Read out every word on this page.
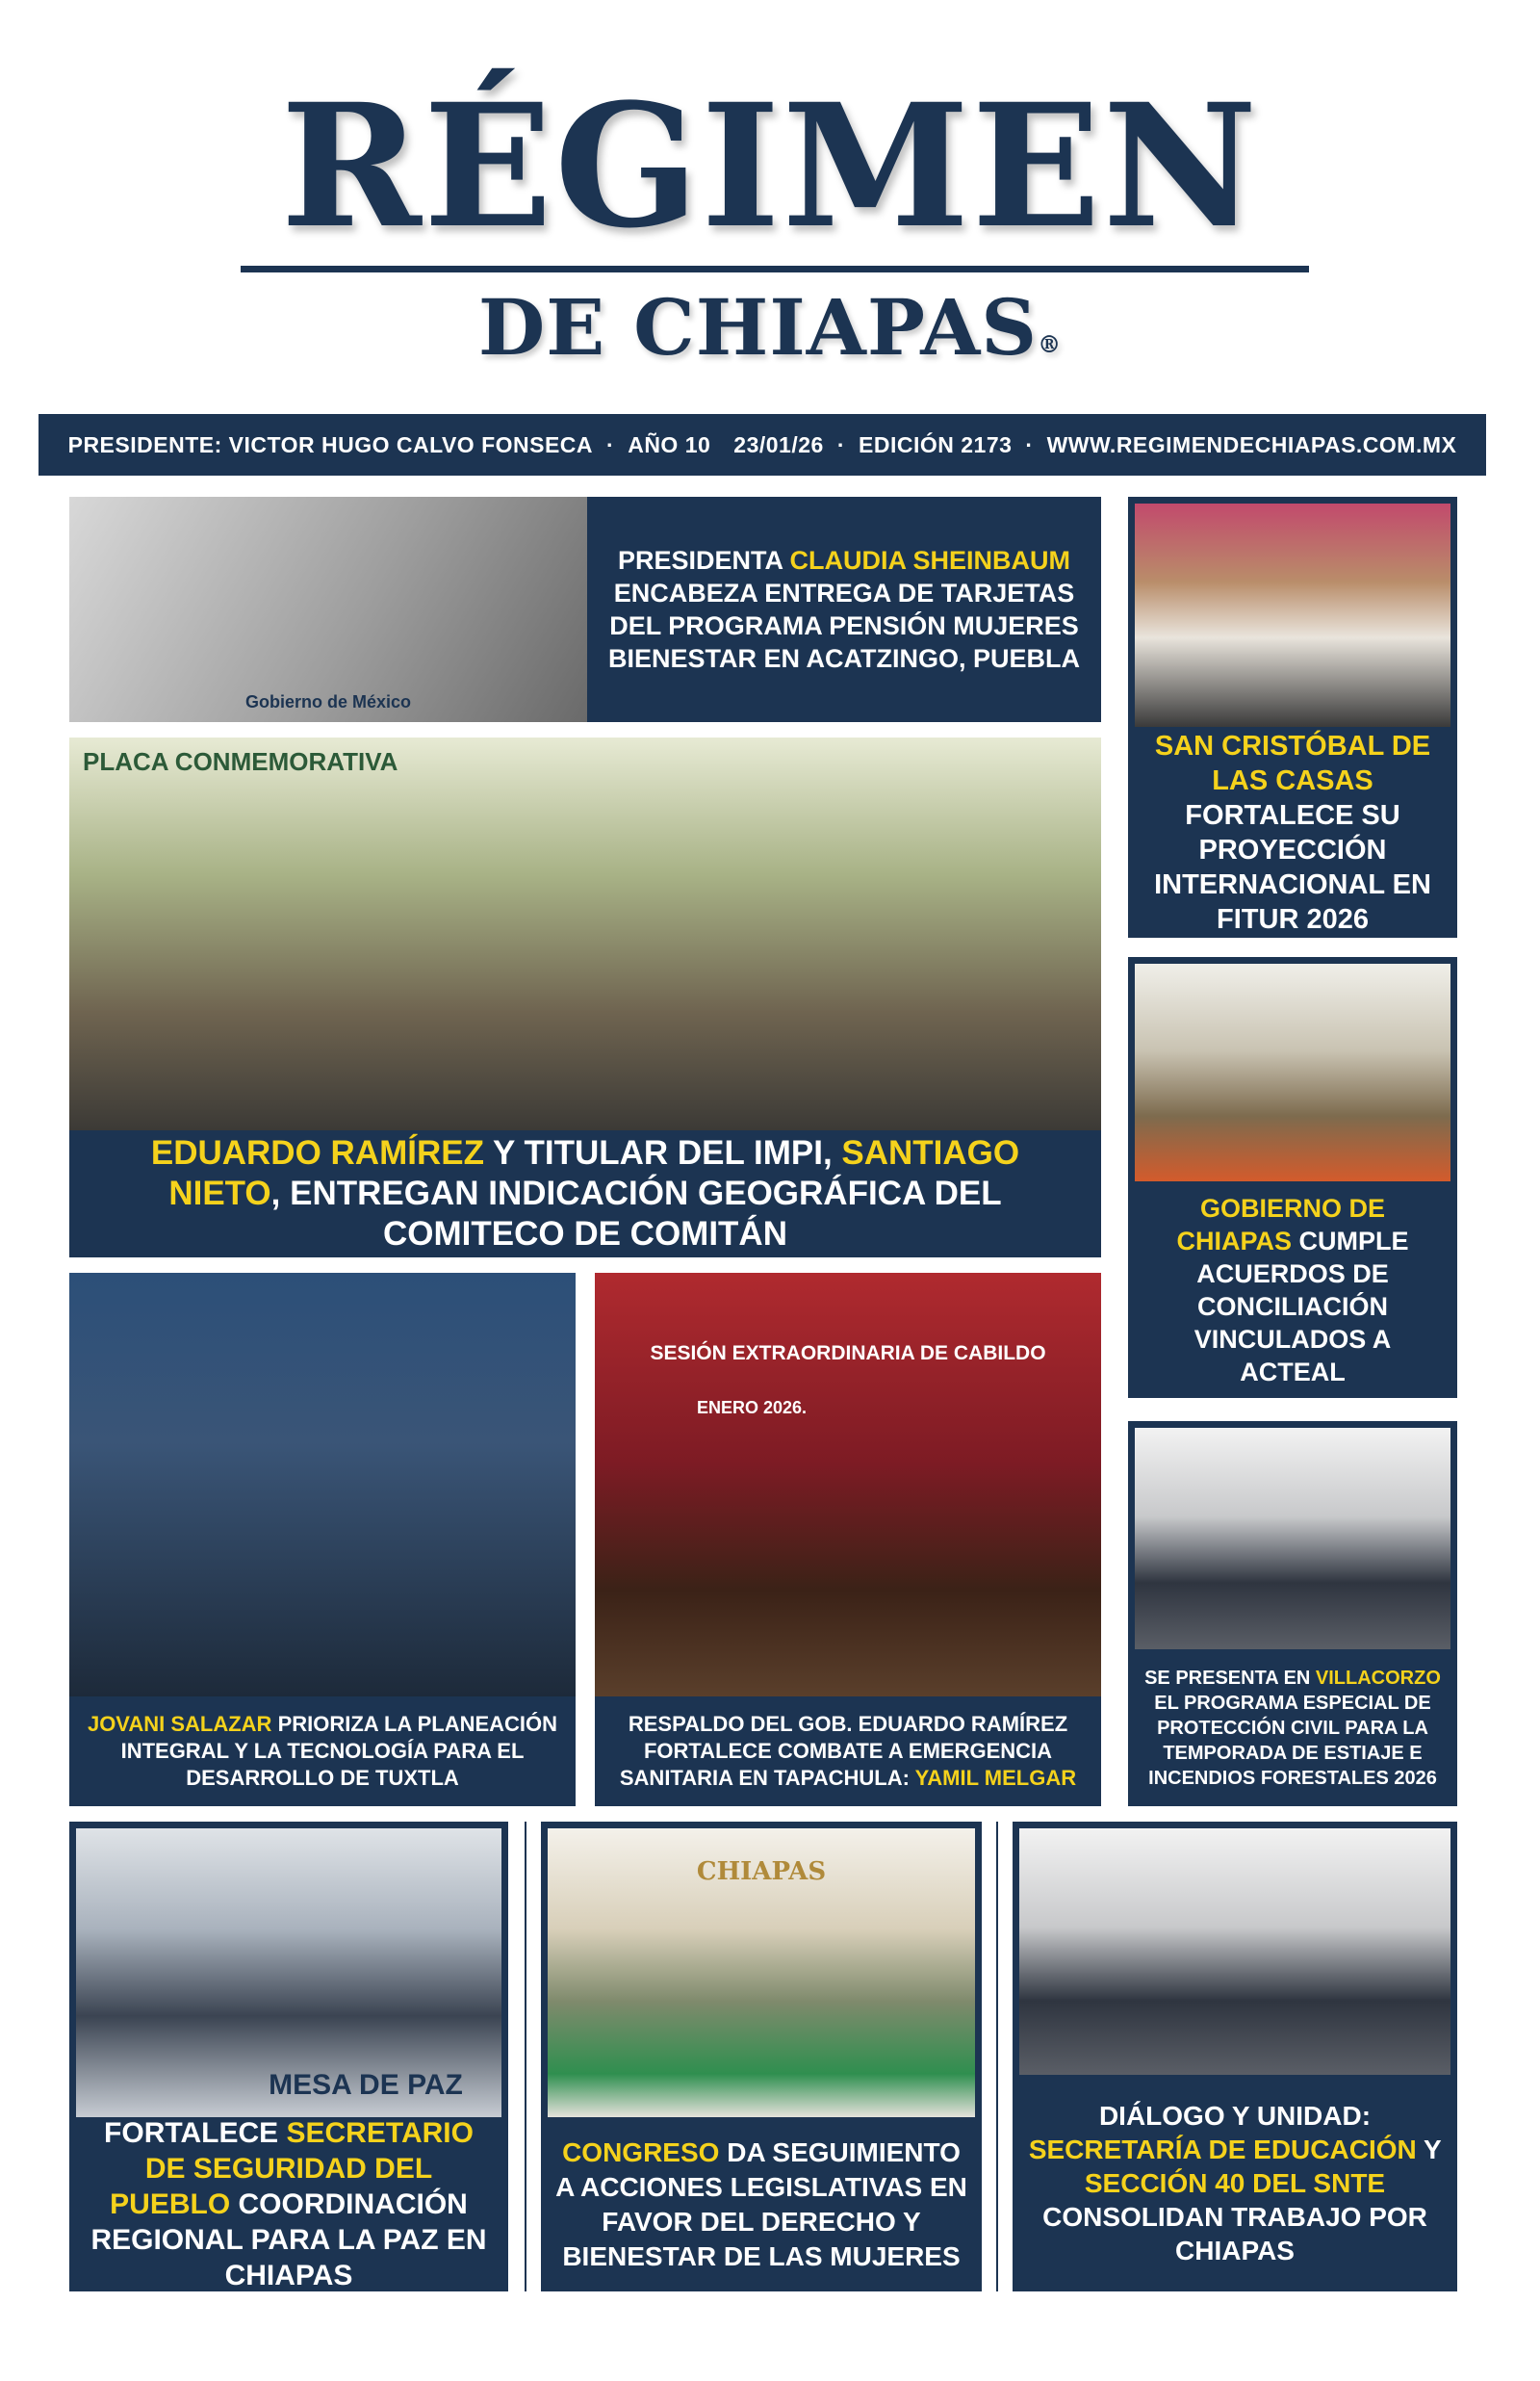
RÉGIMEN
DE CHIAPAS®
PRESIDENTE: VICTOR HUGO CALVO FONSECA · AÑO 10 23/01/26 · EDICIÓN 2173 · WWW.REGIMENDECHIAPAS.COM.MX
Gobierno de México
PRESIDENTA CLAUDIA SHEINBAUM ENCABEZA ENTREGA DE TARJETAS DEL PROGRAMA PENSIÓN MUJERES BIENESTAR EN ACATZINGO, PUEBLA
PLACA CONMEMORATIVA
EDUARDO RAMÍREZ Y TITULAR DEL IMPI, SANTIAGO NIETO, ENTREGAN INDICACIÓN GEOGRÁFICA DEL COMITECO DE COMITÁN
SAN CRISTÓBAL DE LAS CASAS FORTALECE SU PROYECCIÓN INTERNACIONAL EN FITUR 2026
GOBIERNO DE CHIAPAS CUMPLE ACUERDOS DE CONCILIACIÓN VINCULADOS A ACTEAL
SE PRESENTA EN VILLACORZO EL PROGRAMA ESPECIAL DE PROTECCIÓN CIVIL PARA LA TEMPORADA DE ESTIAJE E INCENDIOS FORESTALES 2026
JOVANI SALAZAR PRIORIZA LA PLANEACIÓN INTEGRAL Y LA TECNOLOGÍA PARA EL DESARROLLO DE TUXTLA
SESIÓN EXTRAORDINARIA DE CABILDO
ENERO 2026.
RESPALDO DEL GOB. EDUARDO RAMÍREZ FORTALECE COMBATE A EMERGENCIA SANITARIA EN TAPACHULA: YAMIL MELGAR
MESA DE PAZ
FORTALECE SECRETARIO DE SEGURIDAD DEL PUEBLO COORDINACIÓN REGIONAL PARA LA PAZ EN CHIAPAS
CHIAPAS
CONGRESO DA SEGUIMIENTO A ACCIONES LEGISLATIVAS EN FAVOR DEL DERECHO Y BIENESTAR DE LAS MUJERES
DIÁLOGO Y UNIDAD: SECRETARÍA DE EDUCACIÓN Y SECCIÓN 40 DEL SNTE CONSOLIDAN TRABAJO POR CHIAPAS
